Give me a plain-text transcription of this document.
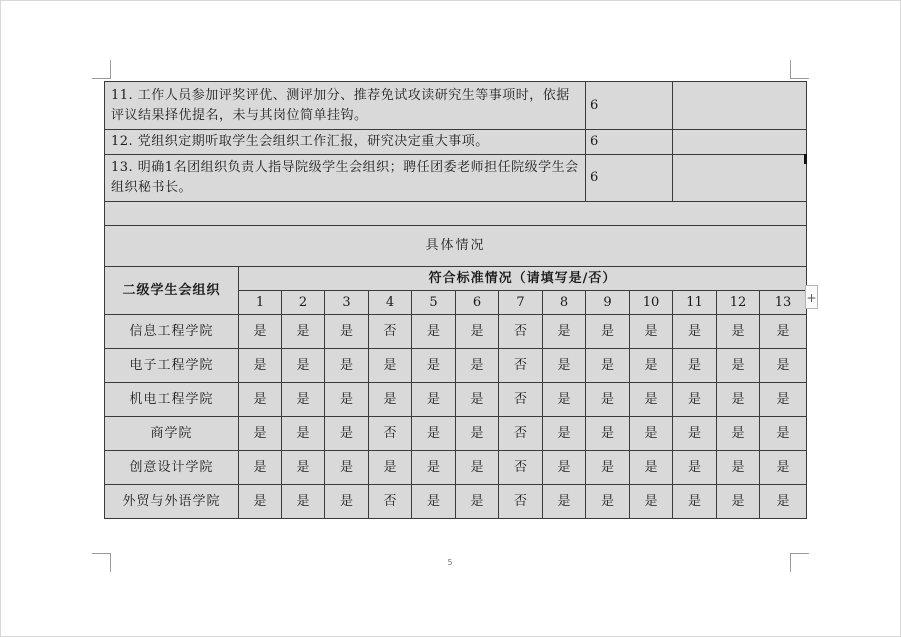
11. 工作人员参加评奖评优、测评加分、推荐免试攻读研究生等事项时，依据评议结果择优提名，未与其岗位简单挂钩。									6				
12. 党组织定期听取学生会组织工作汇报，研究决定重大事项。									6				
13. 明确1名团组织负责人指导院级学生会组织；聘任团委老师担任院级学生会组织秘书长。									6				

具体情况													
二级学生会组织	符合标准情况（请填写是/否）												
	1	2	3	4	5	6	7	8	9	10	11	12	13
信息工程学院	是	是	是	否	是	是	否	是	是	是	是	是	是
电子工程学院	是	是	是	是	是	是	否	是	是	是	是	是	是
机电工程学院	是	是	是	是	是	是	否	是	是	是	是	是	是
商学院	是	是	是	否	是	是	否	是	是	是	是	是	是
创意设计学院	是	是	是	是	是	是	否	是	是	是	是	是	是
外贸与外语学院	是	是	是	否	是	是	否	是	是	是	是	是	是
5
+
